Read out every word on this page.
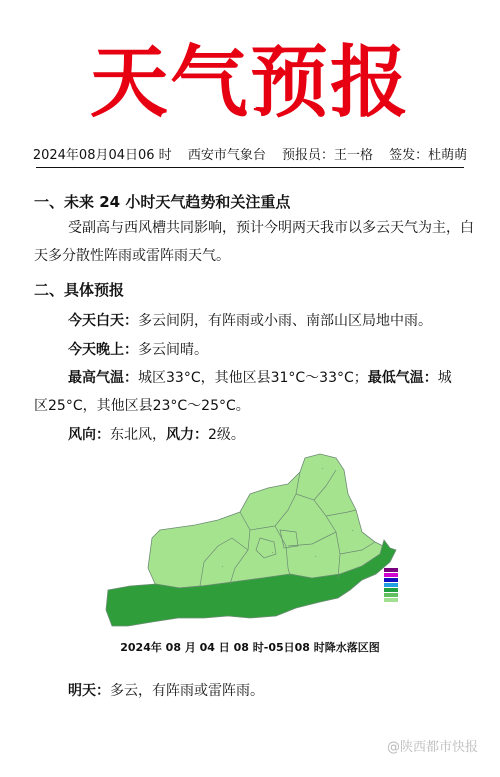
天气预报
2024年08月04日06 时 西安市气象台 预报员：王一格 签发：杜萌萌
一、未来 24 小时天气趋势和关注重点
受副高与西风槽共同影响，预计今明两天我市以多云天气为主，白天多分散性阵雨或雷阵雨天气。
二、具体预报
今天白天：多云间阴，有阵雨或小雨、南部山区局地中雨。
今天晚上：多云间晴。
最高气温：城区33°C，其他区县31°C～33°C；最低气温：城
区25°C，其他区县23°C～25°C。
风向：东北风，风力：2级。
·
·
·
·
·
2024年 08 月 04 日 08 时-05日08 时降水落区图
明天：多云，有阵雨或雷阵雨。
@陕西都市快报
